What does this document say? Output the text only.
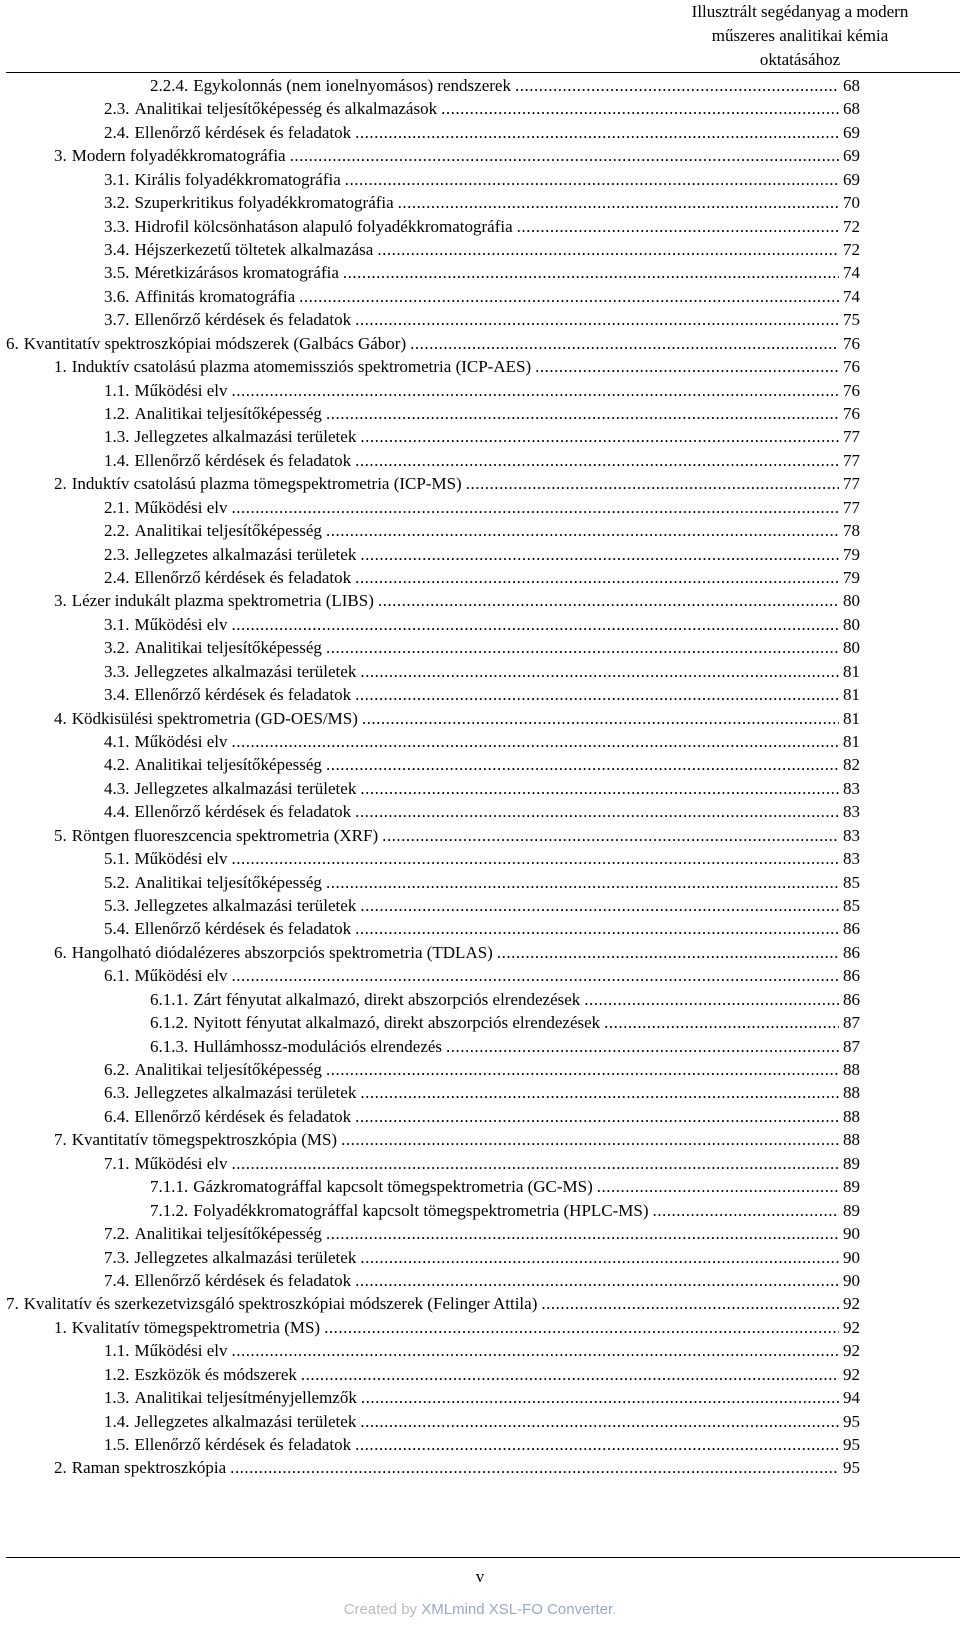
Illusztrált segédanyag a modern
műszeres analitikai kémia
oktatásához
2.2.4. Egykolonnás (nem ionelnyomásos) rendszerek .....	68
2.3. Analitikai teljesítőképesség és alkalmazások .....	68
2.4. Ellenőrző kérdések és feladatok .....	69
3. Modern folyadékkromatográfia .....	69
3.1. Királis folyadékkromatográfia .....	69
3.2. Szuperkritikus folyadékkromatográfia .....	70
3.3. Hidrofil kölcsönhatáson alapuló folyadékkromatográfia .....	72
3.4. Héjszerkezetű töltetek alkalmazása .....	72
3.5. Méretkizárásos kromatográfia .....	74
3.6. Affinitás kromatográfia .....	74
3.7. Ellenőrző kérdések és feladatok .....	75
6. Kvantitatív spektroszkópiai módszerek (Galbács Gábor) .....	76
1. Induktív csatolású plazma atomemissziós spektrometria (ICP-AES) .....	76
1.1. Működési elv .....	76
1.2. Analitikai teljesítőképesség .....	76
1.3. Jellegzetes alkalmazási területek .....	77
1.4. Ellenőrző kérdések és feladatok .....	77
2. Induktív csatolású plazma tömegspektrometria (ICP-MS) .....	77
2.1. Működési elv .....	77
2.2. Analitikai teljesítőképesség .....	78
2.3. Jellegzetes alkalmazási területek .....	79
2.4. Ellenőrző kérdések és feladatok .....	79
3. Lézer indukált plazma spektrometria (LIBS) .....	80
3.1. Működési elv .....	80
3.2. Analitikai teljesítőképesség .....	80
3.3. Jellegzetes alkalmazási területek .....	81
3.4. Ellenőrző kérdések és feladatok .....	81
4. Ködkisülési spektrometria (GD-OES/MS) .....	81
4.1. Működési elv .....	81
4.2. Analitikai teljesítőképesség .....	82
4.3. Jellegzetes alkalmazási területek .....	83
4.4. Ellenőrző kérdések és feladatok .....	83
5. Röntgen fluoreszcencia spektrometria (XRF) .....	83
5.1. Működési elv .....	83
5.2. Analitikai teljesítőképesség .....	85
5.3. Jellegzetes alkalmazási területek .....	85
5.4. Ellenőrző kérdések és feladatok .....	86
6. Hangolható diódalézeres abszorpciós spektrometria (TDLAS) .....	86
6.1. Működési elv .....	86
6.1.1. Zárt fényutat alkalmazó, direkt abszorpciós elrendezések .....	86
6.1.2. Nyitott fényutat alkalmazó, direkt abszorpciós elrendezések .....	87
6.1.3. Hullámhossz-modulációs elrendezés .....	87
6.2. Analitikai teljesítőképesség .....	88
6.3. Jellegzetes alkalmazási területek .....	88
6.4. Ellenőrző kérdések és feladatok .....	88
7. Kvantitatív tömegspektroszkópia (MS) .....	88
7.1. Működési elv .....	89
7.1.1. Gázkromatográffal kapcsolt tömegspektrometria (GC-MS) .....	89
7.1.2. Folyadékkromatográffal kapcsolt tömegspektrometria (HPLC-MS) .....	89
7.2. Analitikai teljesítőképesség .....	90
7.3. Jellegzetes alkalmazási területek .....	90
7.4. Ellenőrző kérdések és feladatok .....	90
7. Kvalitatív és szerkezetvizsgáló spektroszkópiai módszerek (Felinger Attila) .....	92
1. Kvalitatív tömegspektrometria (MS) .....	92
1.1. Működési elv .....	92
1.2. Eszközök és módszerek .....	92
1.3. Analitikai teljesítményjellemzők .....	94
1.4. Jellegzetes alkalmazási területek .....	95
1.5. Ellenőrző kérdések és feladatok .....	95
2. Raman spektroszkópia .....	95
v
Created by XMLmind XSL-FO Converter.
